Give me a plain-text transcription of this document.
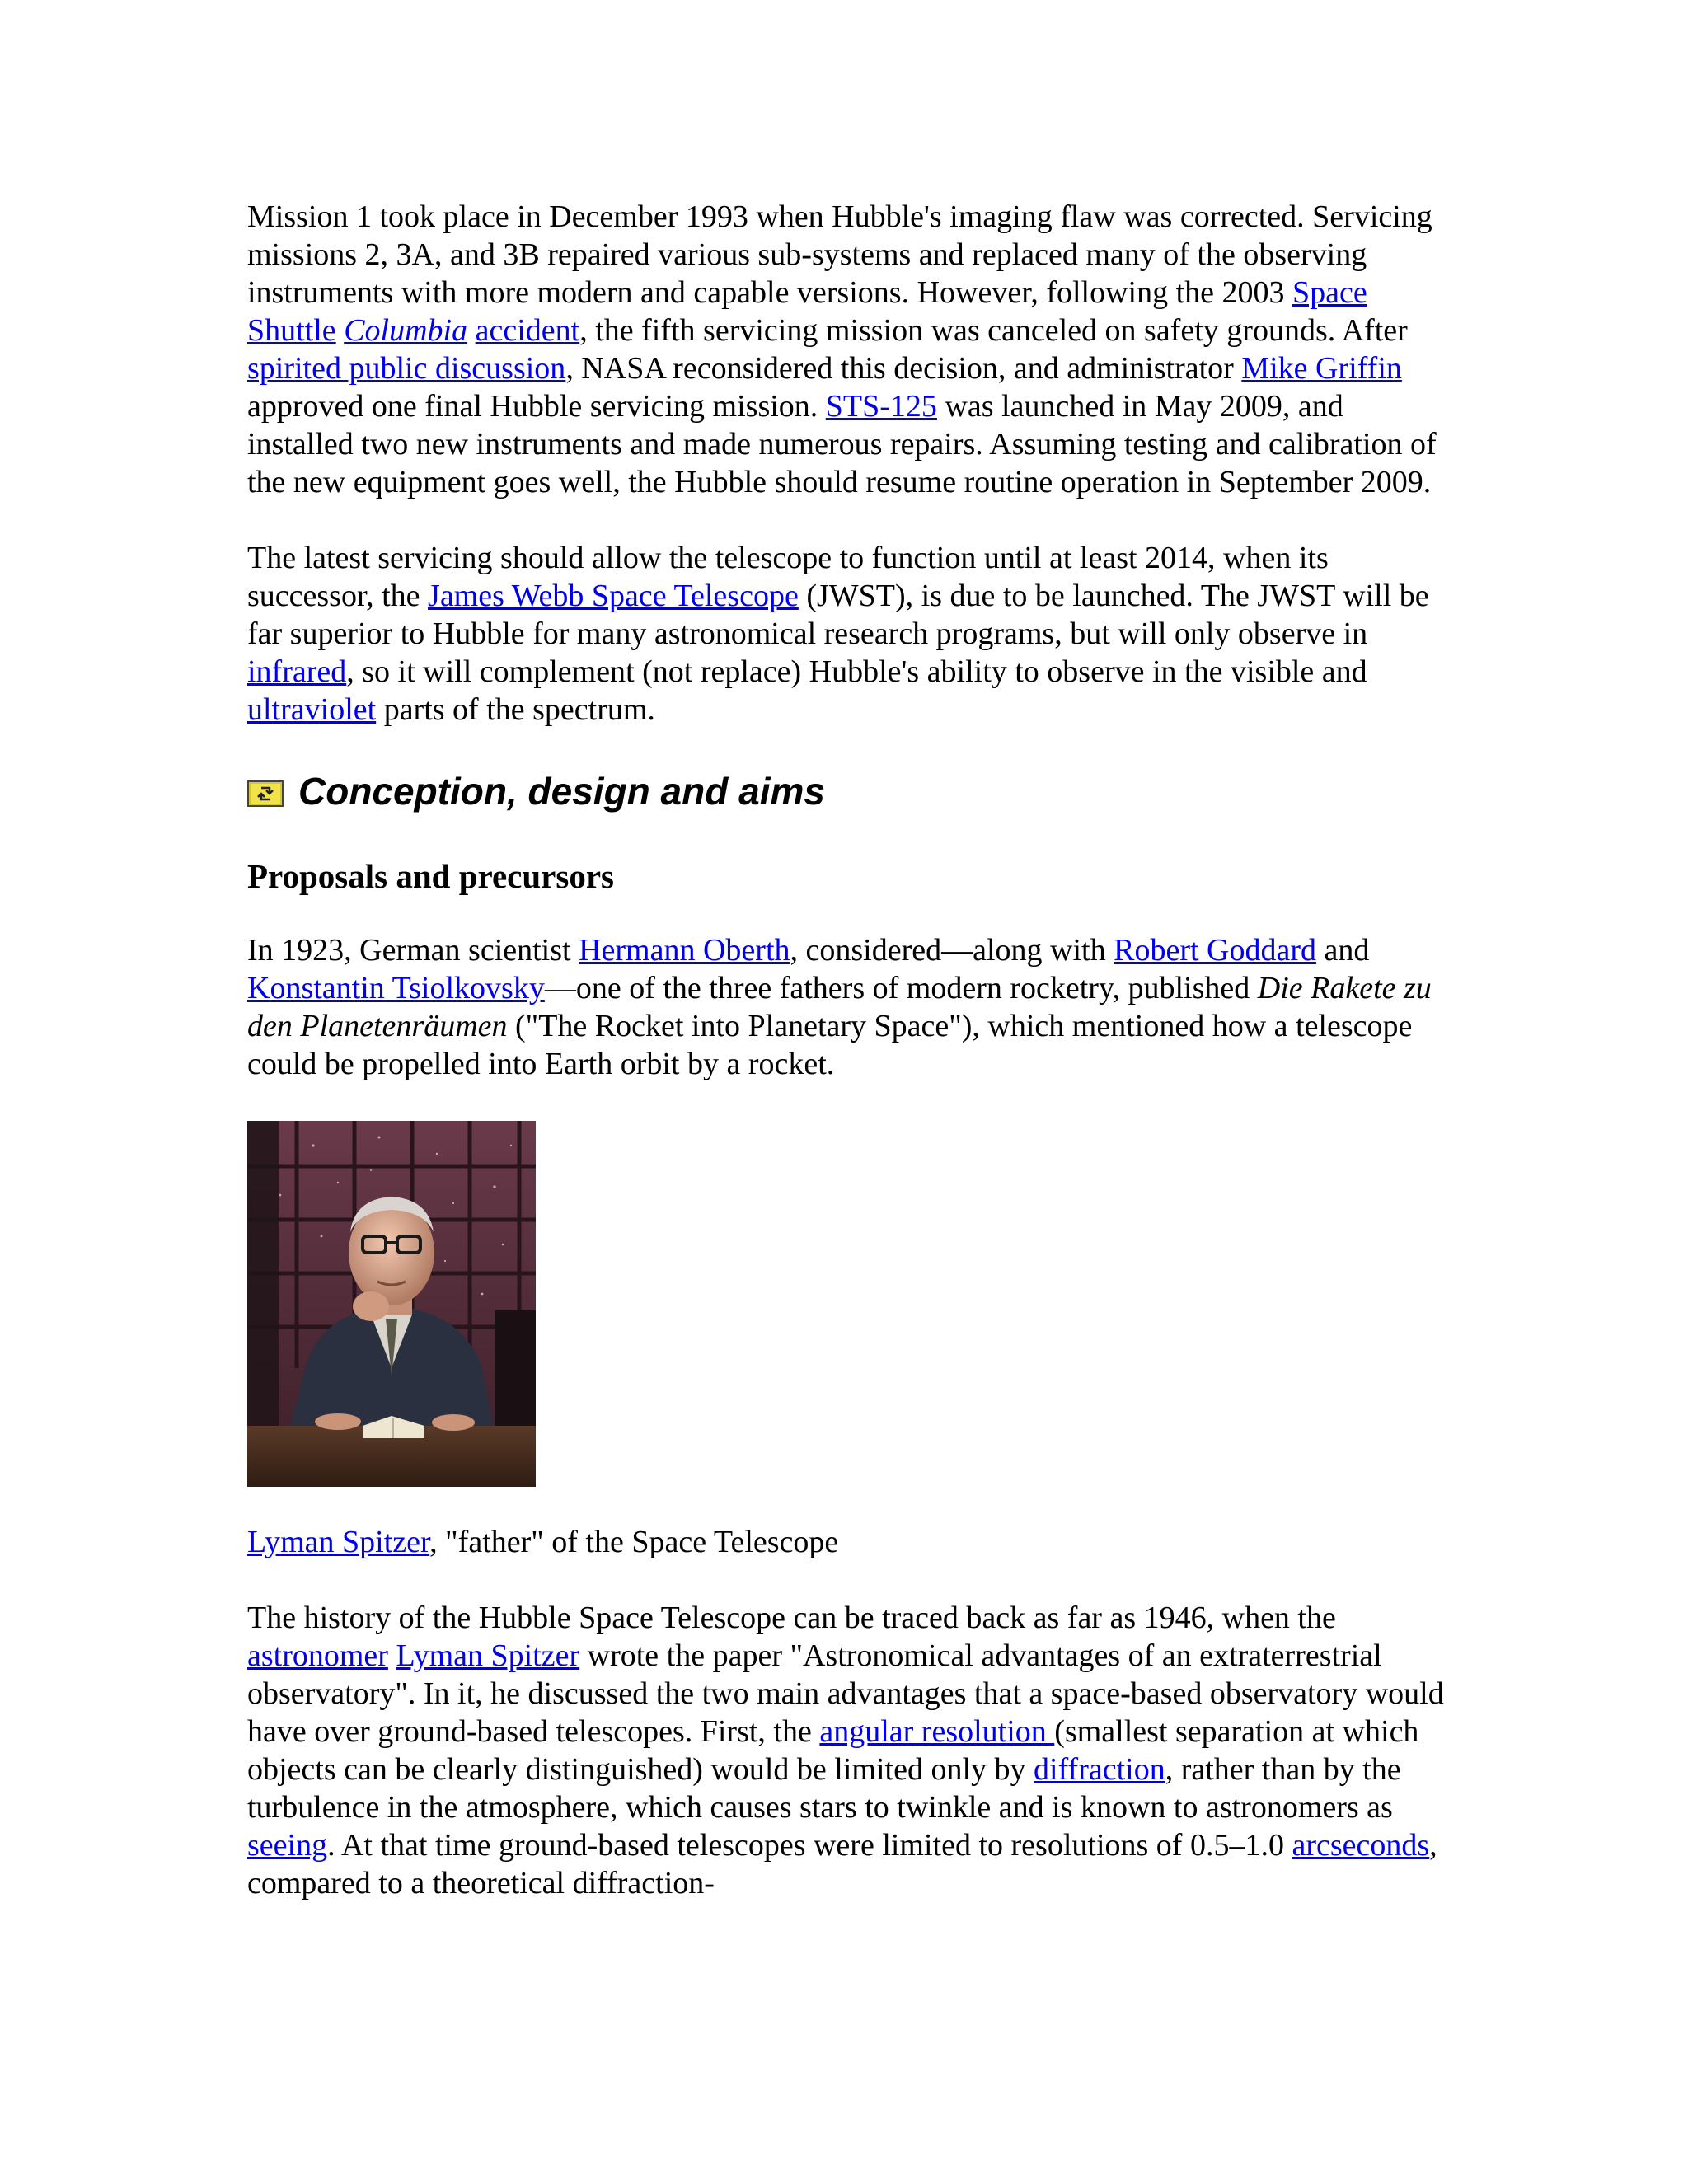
Mission 1 took place in December 1993 when Hubble's imaging flaw was corrected. Servicing missions 2, 3A, and 3B repaired various sub-systems and replaced many of the observing instruments with more modern and capable versions. However, following the 2003 Space Shuttle Columbia accident, the fifth servicing mission was canceled on safety grounds. After spirited public discussion, NASA reconsidered this decision, and administrator Mike Griffin approved one final Hubble servicing mission. STS-125 was launched in May 2009, and installed two new instruments and made numerous repairs. Assuming testing and calibration of the new equipment goes well, the Hubble should resume routine operation in September 2009.

The latest servicing should allow the telescope to function until at least 2014, when its successor, the James Webb Space Telescope (JWST), is due to be launched. The JWST will be far superior to Hubble for many astronomical research programs, but will only observe in infrared, so it will complement (not replace) Hubble's ability to observe in the visible and ultraviolet parts of the spectrum.

Conception, design and aims
Proposals and precursors

In 1923, German scientist Hermann Oberth, considered—along with Robert Goddard and Konstantin Tsiolkovsky—one of the three fathers of modern rocketry, published Die Rakete zu den Planetenräumen ("The Rocket into Planetary Space"), which mentioned how a telescope could be propelled into Earth orbit by a rocket.

Lyman Spitzer, "father" of the Space Telescope

The history of the Hubble Space Telescope can be traced back as far as 1946, when the astronomer Lyman Spitzer wrote the paper "Astronomical advantages of an extraterrestrial observatory". In it, he discussed the two main advantages that a space-based observatory would have over ground-based telescopes. First, the angular resolution (smallest separation at which objects can be clearly distinguished) would be limited only by diffraction, rather than by the turbulence in the atmosphere, which causes stars to twinkle and is known to astronomers as seeing. At that time ground-based telescopes were limited to resolutions of 0.5–1.0 arcseconds, compared to a theoretical diffraction-
